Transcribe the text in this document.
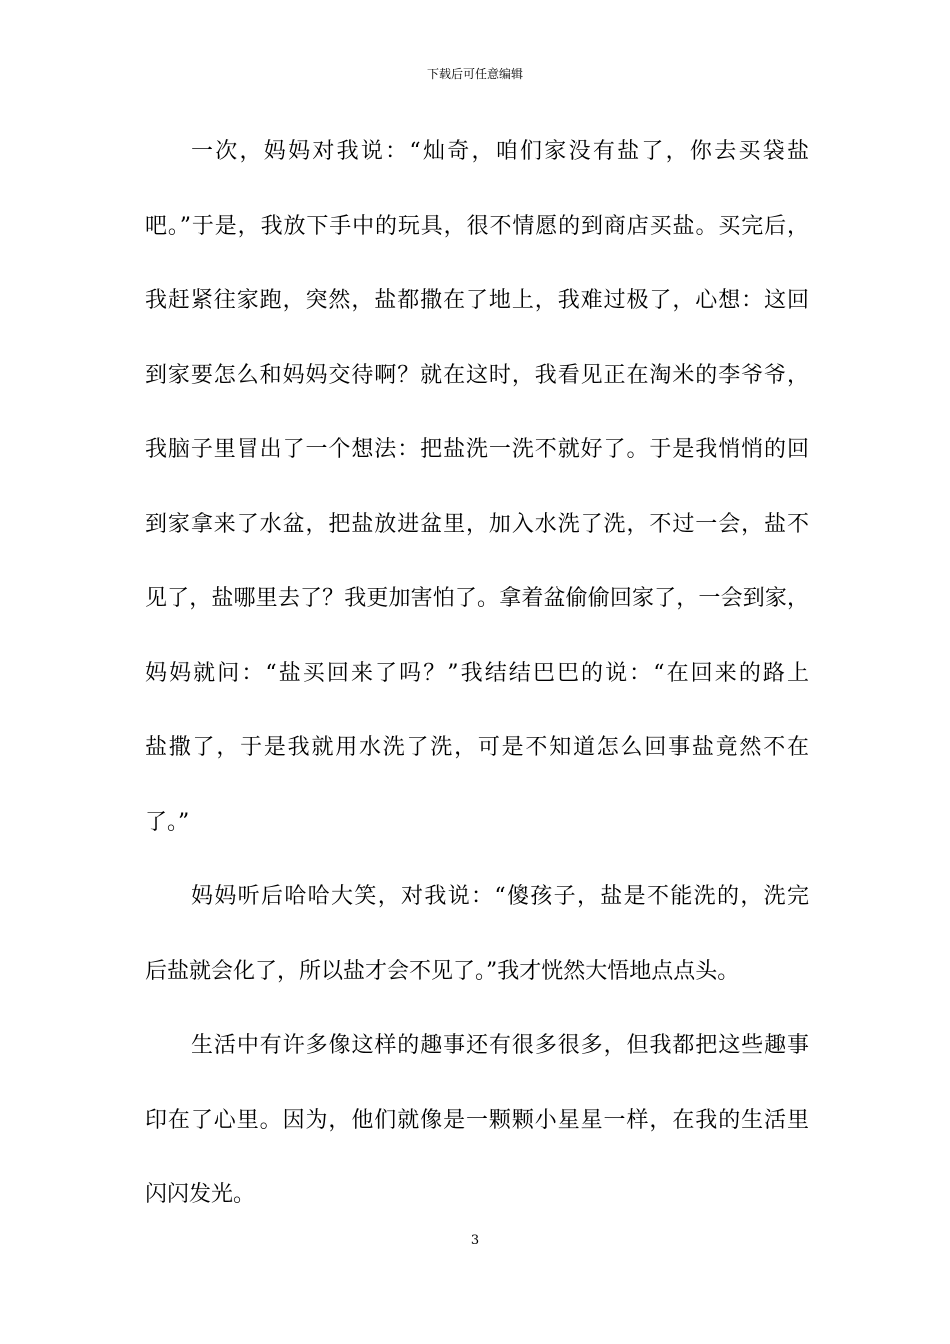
下载后可任意编辑
一次，妈妈对我说：“灿奇，咱们家没有盐了，你去买袋盐
吧。”于是，我放下手中的玩具，很不情愿的到商店买盐。买完后，
我赶紧往家跑，突然，盐都撒在了地上，我难过极了，心想：这回
到家要怎么和妈妈交待啊？就在这时，我看见正在淘米的李爷爷，
我脑子里冒出了一个想法：把盐洗一洗不就好了。于是我悄悄的回
到家拿来了水盆，把盐放进盆里，加入水洗了洗，不过一会，盐不
见了，盐哪里去了？我更加害怕了。拿着盆偷偷回家了，一会到家，
妈妈就问：“盐买回来了吗？”我结结巴巴的说：“在回来的路上
盐撒了，于是我就用水洗了洗，可是不知道怎么回事盐竟然不在
了。”
妈妈听后哈哈大笑，对我说：“傻孩子，盐是不能洗的，洗完
后盐就会化了，所以盐才会不见了。”我才恍然大悟地点点头。
生活中有许多像这样的趣事还有很多很多，但我都把这些趣事
印在了心里。因为，他们就像是一颗颗小星星一样，在我的生活里
闪闪发光。
3
